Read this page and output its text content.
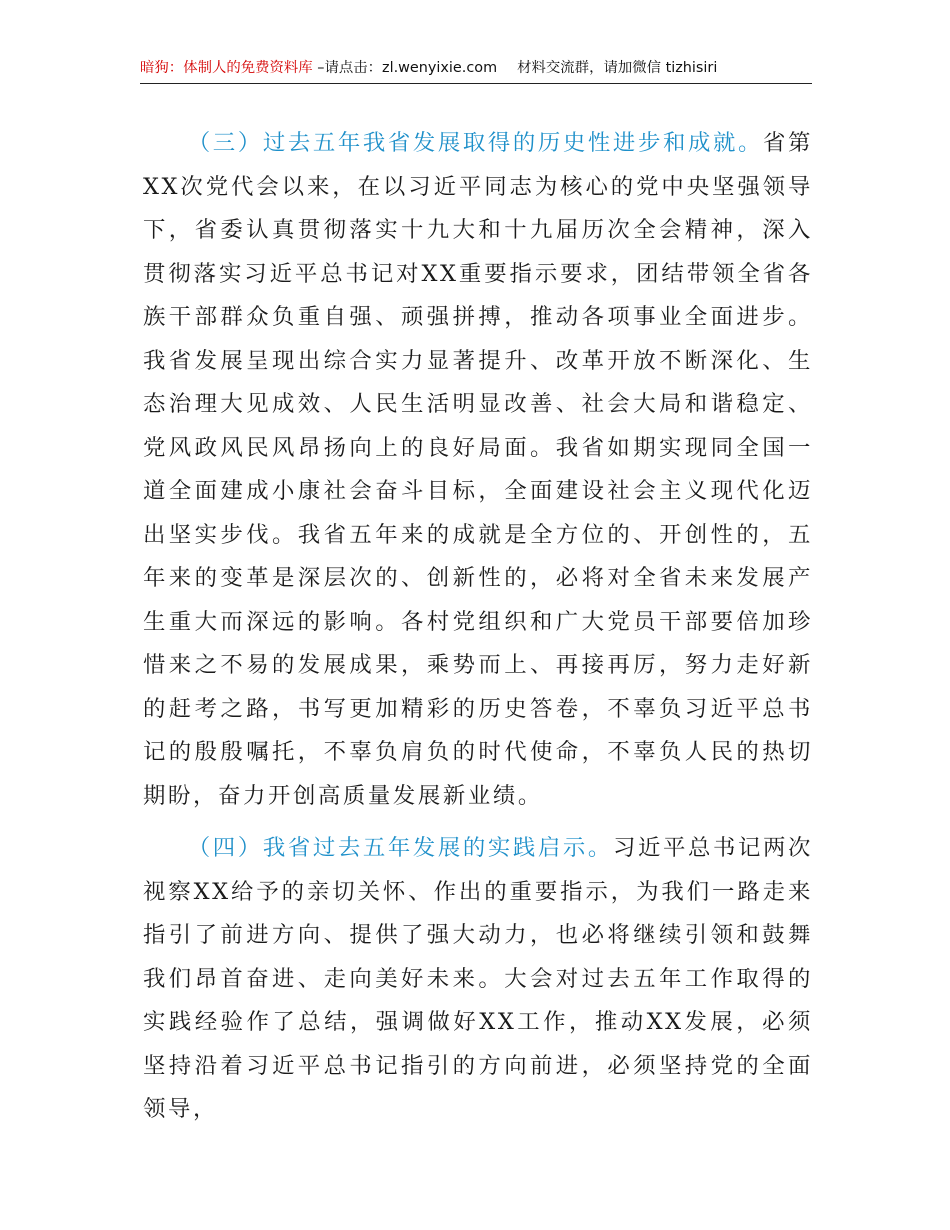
暗狗：体制人的免费资料库 –请点击：zl.wenyixie.com 材料交流群，请加微信 tizhisiri

（三）过去五年我省发展取得的历史性进步和成就。省第XX次党代会以来，在以习近平同志为核心的党中央坚强领导下，省委认真贯彻落实十九大和十九届历次全会精神，深入贯彻落实习近平总书记对XX重要指示要求，团结带领全省各族干部群众负重自强、顽强拼搏，推动各项事业全面进步。我省发展呈现出综合实力显著提升、改革开放不断深化、生态治理大见成效、人民生活明显改善、社会大局和谐稳定、党风政风民风昂扬向上的良好局面。我省如期实现同全国一道全面建成小康社会奋斗目标，全面建设社会主义现代化迈出坚实步伐。我省五年来的成就是全方位的、开创性的，五年来的变革是深层次的、创新性的，必将对全省未来发展产生重大而深远的影响。各村党组织和广大党员干部要倍加珍惜来之不易的发展成果，乘势而上、再接再厉，努力走好新的赶考之路，书写更加精彩的历史答卷，不辜负习近平总书记的殷殷嘱托，不辜负肩负的时代使命，不辜负人民的热切期盼，奋力开创高质量发展新业绩。

（四）我省过去五年发展的实践启示。习近平总书记两次视察XX给予的亲切关怀、作出的重要指示，为我们一路走来指引了前进方向、提供了强大动力，也必将继续引领和鼓舞我们昂首奋进、走向美好未来。大会对过去五年工作取得的实践经验作了总结，强调做好XX工作，推动XX发展，必须坚持沿着习近平总书记指引的方向前进，必须坚持党的全面领导，
